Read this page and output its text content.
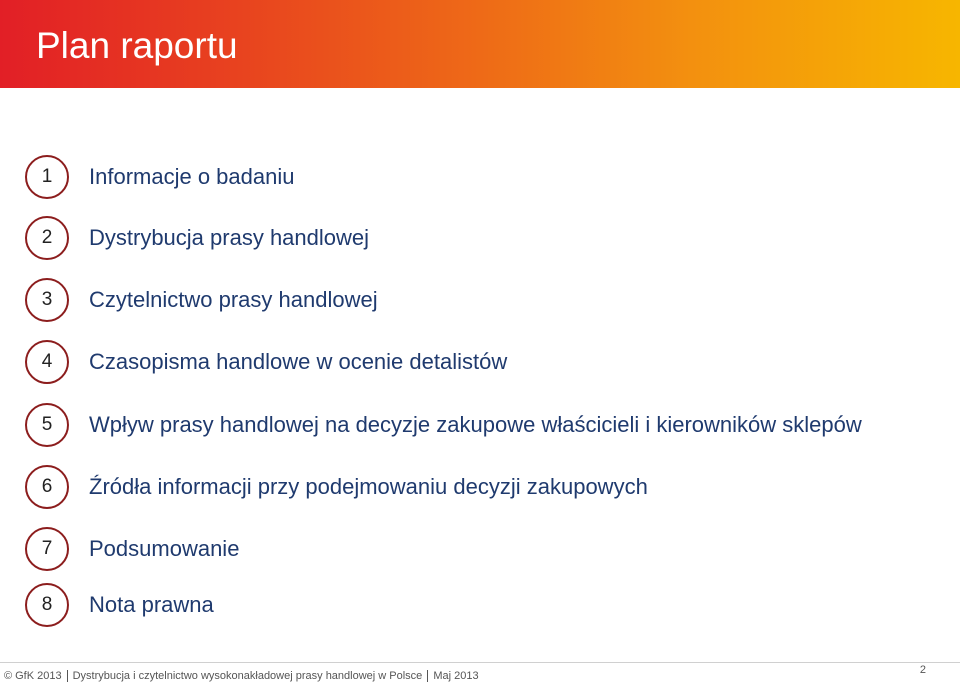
Plan raportu
1	Informacje o badaniu
2	Dystrybucja prasy handlowej
3	Czytelnictwo prasy handlowej
4	Czasopisma handlowe w ocenie detalistów
5	Wpływ prasy handlowej na decyzje zakupowe właścicieli i kierowników sklepów
6	Źródła informacji przy podejmowaniu decyzji zakupowych
7	Podsumowanie
8	Nota prawna
© GfK 2013 Dystrybucja i czytelnictwo wysokonakładowej prasy handlowej w Polsce Maj 2013	2
